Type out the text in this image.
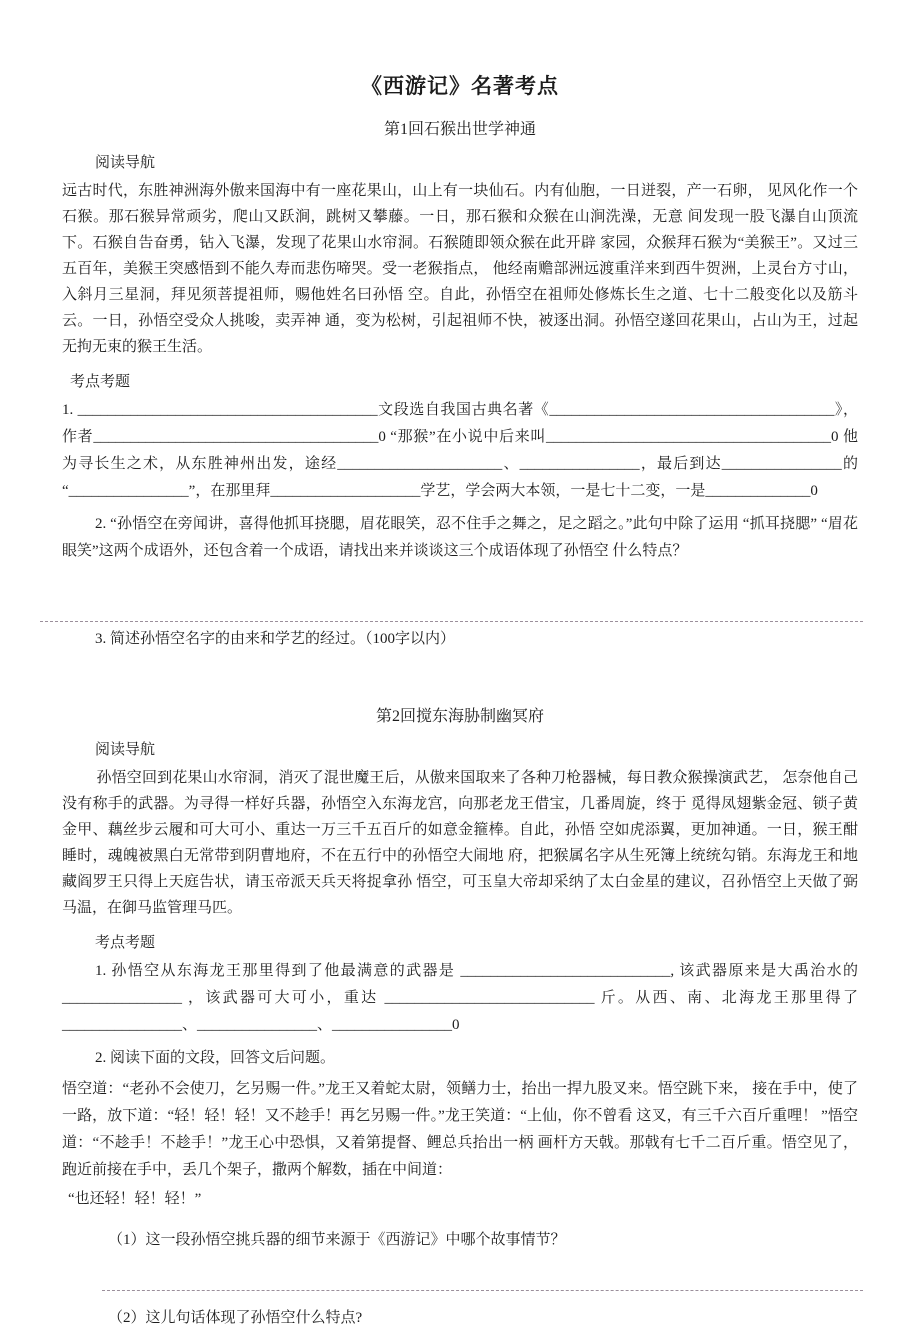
《西游记》名著考点
第1回石猴出世学神通

阅读导航

远古时代，东胜神洲海外傲来国海中有一座花果山，山上有一块仙石。内有仙胞，一日迸裂，产一石卵， 见风化作一个石猴。那石猴异常顽劣，爬山又跃涧，跳树又攀藤。一日，那石猴和众猴在山涧洗澡，无意 间发现一股飞瀑自山顶流下。石猴自告奋勇，钻入飞瀑，发现了花果山水帘洞。石猴随即领众猴在此开辟 家园，众猴拜石猴为“美猴王”。又过三五百年，美猴王突感悟到不能久寿而悲伤啼哭。受一老猴指点， 他经南赡部洲远渡重洋来到西牛贺洲，上灵台方寸山，入斜月三星洞，拜见须菩提祖师，赐他姓名曰孙悟 空。自此，孙悟空在祖师处修炼长生之道、七十二般变化以及筋斗云。一日，孙悟空受众人挑唆，卖弄神 通，变为松树，引起祖师不快，被逐出洞。孙悟空遂回花果山，占山为王，过起无拘无束的猴王生活。

考点考题

1. ________________________________________文段选自我国古典名著《______________________________________》，作者______________________________________0 “那猴”在小说中后来叫______________________________________0 他为寻长生之术，从东胜神州出发，途经______________________、________________，最后到达________________的 “________________”，在那里拜____________________学艺，学会两大本领，一是七十二变，一是______________0

2. “孙悟空在旁闻讲，喜得他抓耳挠腮，眉花眼笑，忍不住手之舞之，足之蹈之。”此句中除了运用 “抓耳挠腮” “眉花眼笑”这两个成语外，还包含着一个成语，请找出来并谈谈这三个成语体现了孙悟空 什么特点？

3. 简述孙悟空名字的由来和学艺的经过。（100字以内）

第2回搅东海胁制幽冥府

阅读导航

孙悟空回到花果山水帘洞，消灭了混世魔王后，从傲来国取来了各种刀枪器械，每日教众猴操演武艺， 怎奈他自己没有称手的武器。为寻得一样好兵器，孙悟空入东海龙宫，向那老龙王借宝，几番周旋，终于 觅得凤翅紫金冠、锁子黄金甲、藕丝步云履和可大可小、重达一万三千五百斤的如意金箍棒。自此，孙悟 空如虎添翼，更加神通。一日，猴王酣睡时，魂魄被黑白无常带到阴曹地府，不在五行中的孙悟空大闹地 府，把猴属名字从生死簿上统统勾销。东海龙王和地藏阎罗王只得上天庭告状，请玉帝派天兵天将捉拿孙 悟空，可玉皇大帝却采纳了太白金星的建议，召孙悟空上天做了弼马温，在御马监管理马匹。

考点考题

1. 孙悟空从东海龙王那里得到了他最满意的武器是 ____________________________, 该武器原来是大禹治水的 ________________ ，该武器可大可小，重达 ____________________________ 斤。从西、南、北海龙王那里得了 ________________、________________、________________0

2. 阅读下面的文段，回答文后问题。

悟空道：“老孙不会使刀，乞另赐一件。”龙王又着蛇太尉，领鳝力士，抬出一捍九股叉来。悟空跳下来， 接在手中，使了一路，放下道：“轻！轻！轻！又不趁手！再乞另赐一件。”龙王笑道：“上仙，你不曾看 这叉，有三千六百斤重哩！ ”悟空道：“不趁手！不趁手！”龙王心中恐惧，又着第提督、鲤总兵抬出一柄 画杆方天戟。那戟有七千二百斤重。悟空见了，跑近前接在手中，丢几个架子，撒两个解数，插在中间道：

“也还轻！轻！轻！”

（1）这一段孙悟空挑兵器的细节来源于《西游记》中哪个故事情节？

（2）这儿句话体现了孙悟空什么特点?
